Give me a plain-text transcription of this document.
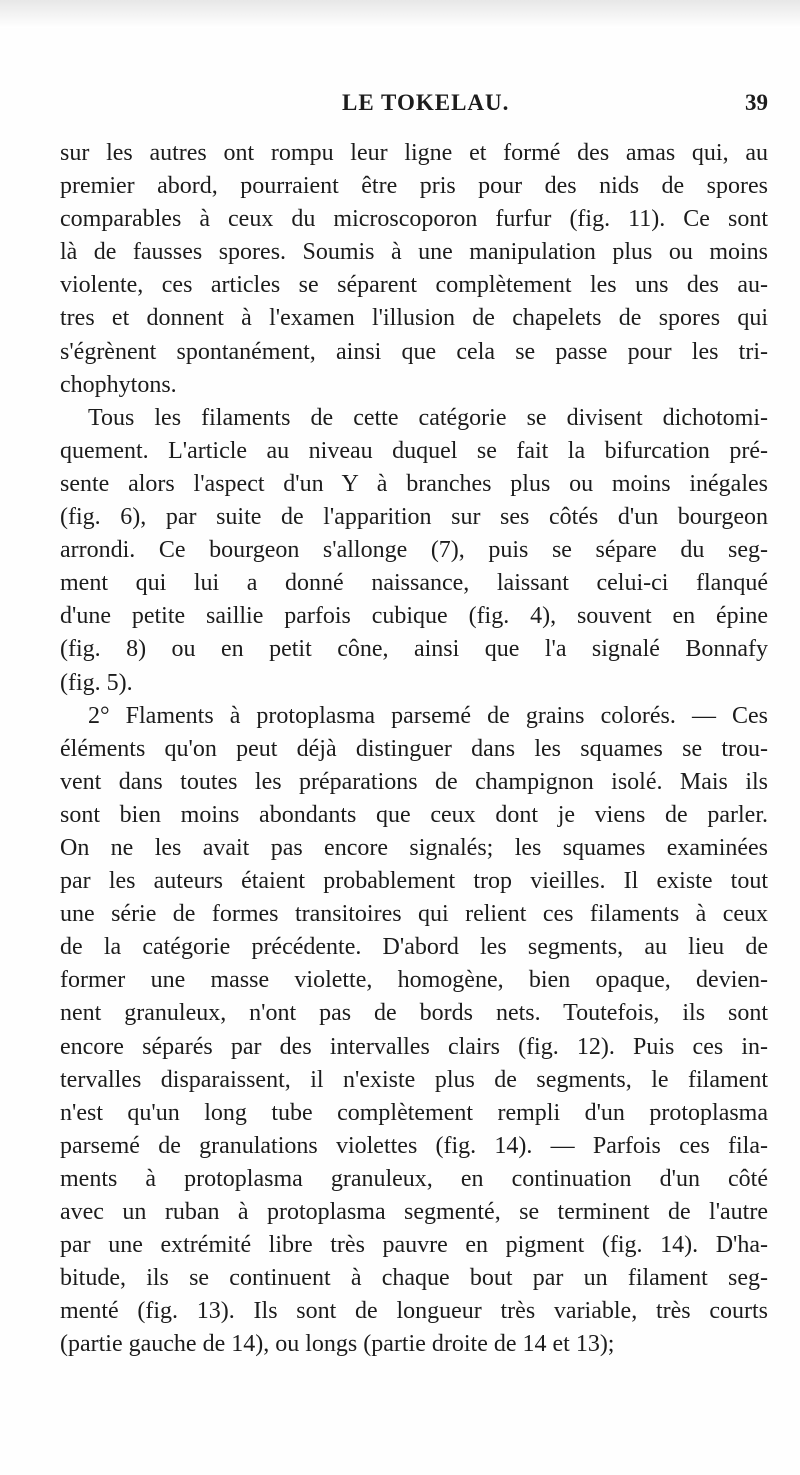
LE TOKELAU.	39
sur les autres ont rompu leur ligne et formé des amas qui, au
premier abord, pourraient être pris pour des nids de spores
comparables à ceux du microscoporon furfur (fig. 11). Ce sont
là de fausses spores. Soumis à une manipulation plus ou moins
violente, ces articles se séparent complètement les uns des au-
tres et donnent à l'examen l'illusion de chapelets de spores qui
s'égrènent spontanément, ainsi que cela se passe pour les tri-
chophytons.
Tous les filaments de cette catégorie se divisent dichotomi-
quement. L'article au niveau duquel se fait la bifurcation pré-
sente alors l'aspect d'un Y à branches plus ou moins inégales
(fig. 6), par suite de l'apparition sur ses côtés d'un bourgeon
arrondi. Ce bourgeon s'allonge (7), puis se sépare du seg-
ment qui lui a donné naissance, laissant celui-ci flanqué
d'une petite saillie parfois cubique (fig. 4), souvent en épine
(fig. 8) ou en petit cône, ainsi que l'a signalé Bonnafy
(fig. 5).
2° Flaments à protoplasma parsemé de grains colorés. — Ces
éléments qu'on peut déjà distinguer dans les squames se trou-
vent dans toutes les préparations de champignon isolé. Mais ils
sont bien moins abondants que ceux dont je viens de parler.
On ne les avait pas encore signalés; les squames examinées
par les auteurs étaient probablement trop vieilles. Il existe tout
une série de formes transitoires qui relient ces filaments à ceux
de la catégorie précédente. D'abord les segments, au lieu de
former une masse violette, homogène, bien opaque, devien-
nent granuleux, n'ont pas de bords nets. Toutefois, ils sont
encore séparés par des intervalles clairs (fig. 12). Puis ces in-
tervalles disparaissent, il n'existe plus de segments, le filament
n'est qu'un long tube complètement rempli d'un protoplasma
parsemé de granulations violettes (fig. 14). — Parfois ces fila-
ments à protoplasma granuleux, en continuation d'un côté
avec un ruban à protoplasma segmenté, se terminent de l'autre
par une extrémité libre très pauvre en pigment (fig. 14). D'ha-
bitude, ils se continuent à chaque bout par un filament seg-
menté (fig. 13). Ils sont de longueur très variable, très courts
(partie gauche de 14), ou longs (partie droite de 14 et 13);
